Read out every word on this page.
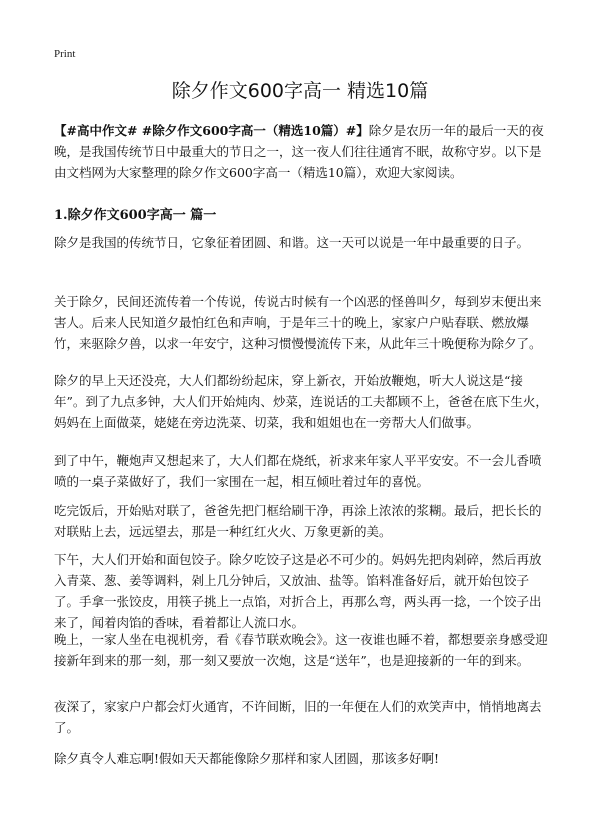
Print
除夕作文600字高一 精选10篇

【#高中作文# #除夕作文600字高一（精选10篇）#】除夕是农历一年的最后一天的夜晚，是我国传统节日中最重大的节日之一，这一夜人们往往通宵不眠，故称守岁。以下是由文档网为大家整理的除夕作文600字高一（精选10篇），欢迎大家阅读。

1.除夕作文600字高一 篇一

除夕是我国的传统节日，它象征着团圆、和谐。这一天可以说是一年中最重要的日子。

关于除夕，民间还流传着一个传说，传说古时候有一个凶恶的怪兽叫夕，每到岁末便出来害人。后来人民知道夕最怕红色和声响，于是年三十的晚上，家家户户贴春联、燃放爆竹，来驱除夕兽，以求一年安宁，这种习惯慢慢流传下来，从此年三十晚便称为除夕了。

除夕的早上天还没亮，大人们都纷纷起床，穿上新衣，开始放鞭炮，听大人说这是“接年”。到了九点多钟，大人们开始炖肉、炒菜，连说话的工夫都顾不上，爸爸在底下生火，妈妈在上面做菜，姥姥在旁边洗菜、切菜，我和姐姐也在一旁帮大人们做事。

到了中午，鞭炮声又想起来了，大人们都在烧纸，祈求来年家人平平安安。不一会儿香喷喷的一桌子菜做好了，我们一家围在一起，相互倾吐着过年的喜悦。

吃完饭后，开始贴对联了，爸爸先把门框给刷干净，再涂上浓浓的浆糊。最后，把长长的对联贴上去，远远望去，那是一种红红火火、万象更新的美。

下午，大人们开始和面包饺子。除夕吃饺子这是必不可少的。妈妈先把肉剁碎，然后再放入青菜、葱、姜等调料，剁上几分钟后，又放油、盐等。馅料准备好后，就开始包饺子了。手拿一张饺皮，用筷子挑上一点馅，对折合上，再那么弯，两头再一捻，一个饺子出来了，闻着肉馅的香味，看着都让人流口水。

晚上，一家人坐在电视机旁，看《春节联欢晚会》。这一夜谁也睡不着，都想要亲身感受迎接新年到来的那一刻，那一刻又要放一次炮，这是“送年”，也是迎接新的一年的到来。

夜深了，家家户户都会灯火通宵，不许间断，旧的一年便在人们的欢笑声中，悄悄地离去了。

除夕真令人难忘啊!假如天天都能像除夕那样和家人团圆，那该多好啊!
